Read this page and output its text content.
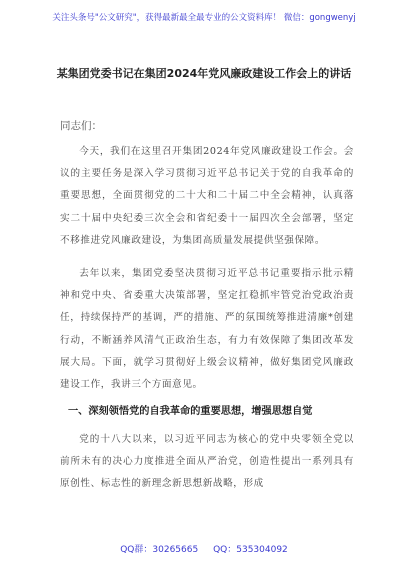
关注头条号"公文研究"，获得最新最全最专业的公文资料库！ 微信：gongwenyj
某集团党委书记在集团2024年党风廉政建设工作会上的讲话
同志们：
今天，我们在这里召开集团2024年党风廉政建设工作会。会议的主要任务是深入学习贯彻习近平总书记关于党的自我革命的重要思想，全面贯彻党的二十大和二十届二中全会精神，认真落实二十届中央纪委三次全会和省纪委十一届四次全会部署，坚定不移推进党风廉政建设，为集团高质量发展提供坚强保障。
去年以来，集团党委坚决贯彻习近平总书记重要指示批示精神和党中央、省委重大决策部署，坚定扛稳抓牢管党治党政治责任，持续保持严的基调，严的措施、严的氛围统筹推进清廉*创建行动，不断涵养风清气正政治生态，有力有效保障了集团改革发展大局。下面，就学习贯彻好上级会议精神，做好集团党风廉政建设工作，我讲三个方面意见。
一、深刻领悟党的自我革命的重要思想，增强思想自觉
党的十八大以来，以习近平同志为核心的党中央零领全党以前所未有的决心力度推进全面从严治党，创造性提出一系列具有原创性、标志性的新理念新思想新战略，形成
QQ群：30265665 QQ：535304092
